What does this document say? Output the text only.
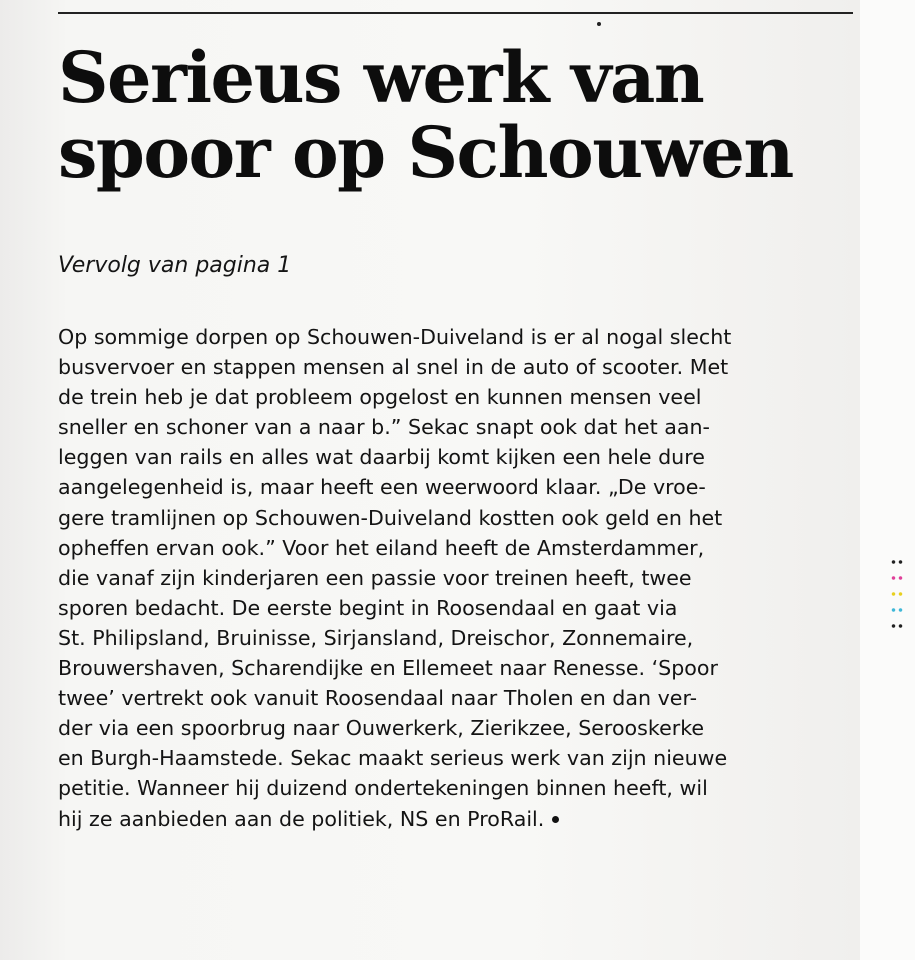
Serieus werk van
spoor op Schouwen

Vervolg van pagina 1

Op sommige dorpen op Schouwen-Duiveland is er al nogal slecht
busvervoer en stappen mensen al snel in de auto of scooter. Met
de trein heb je dat probleem opgelost en kunnen mensen veel
sneller en schoner van a naar b.” Sekac snapt ook dat het aan-
leggen van rails en alles wat daarbij komt kijken een hele dure
aangelegenheid is, maar heeft een weerwoord klaar. „De vroe-
gere tramlijnen op Schouwen-Duiveland kostten ook geld en het
opheffen ervan ook.” Voor het eiland heeft de Amsterdammer,
die vanaf zijn kinderjaren een passie voor treinen heeft, twee
sporen bedacht. De eerste begint in Roosendaal en gaat via
St. Philipsland, Bruinisse, Sirjansland, Dreischor, Zonnemaire,
Brouwershaven, Scharendijke en Ellemeet naar Renesse. ‘Spoor
twee’ vertrekt ook vanuit Roosendaal naar Tholen en dan ver-
der via een spoorbrug naar Ouwerkerk, Zierikzee, Serooskerke
en Burgh-Haamstede. Sekac maakt serieus werk van zijn nieuwe
petitie. Wanneer hij duizend ondertekeningen binnen heeft, wil
hij ze aanbieden aan de politiek, NS en ProRail.
